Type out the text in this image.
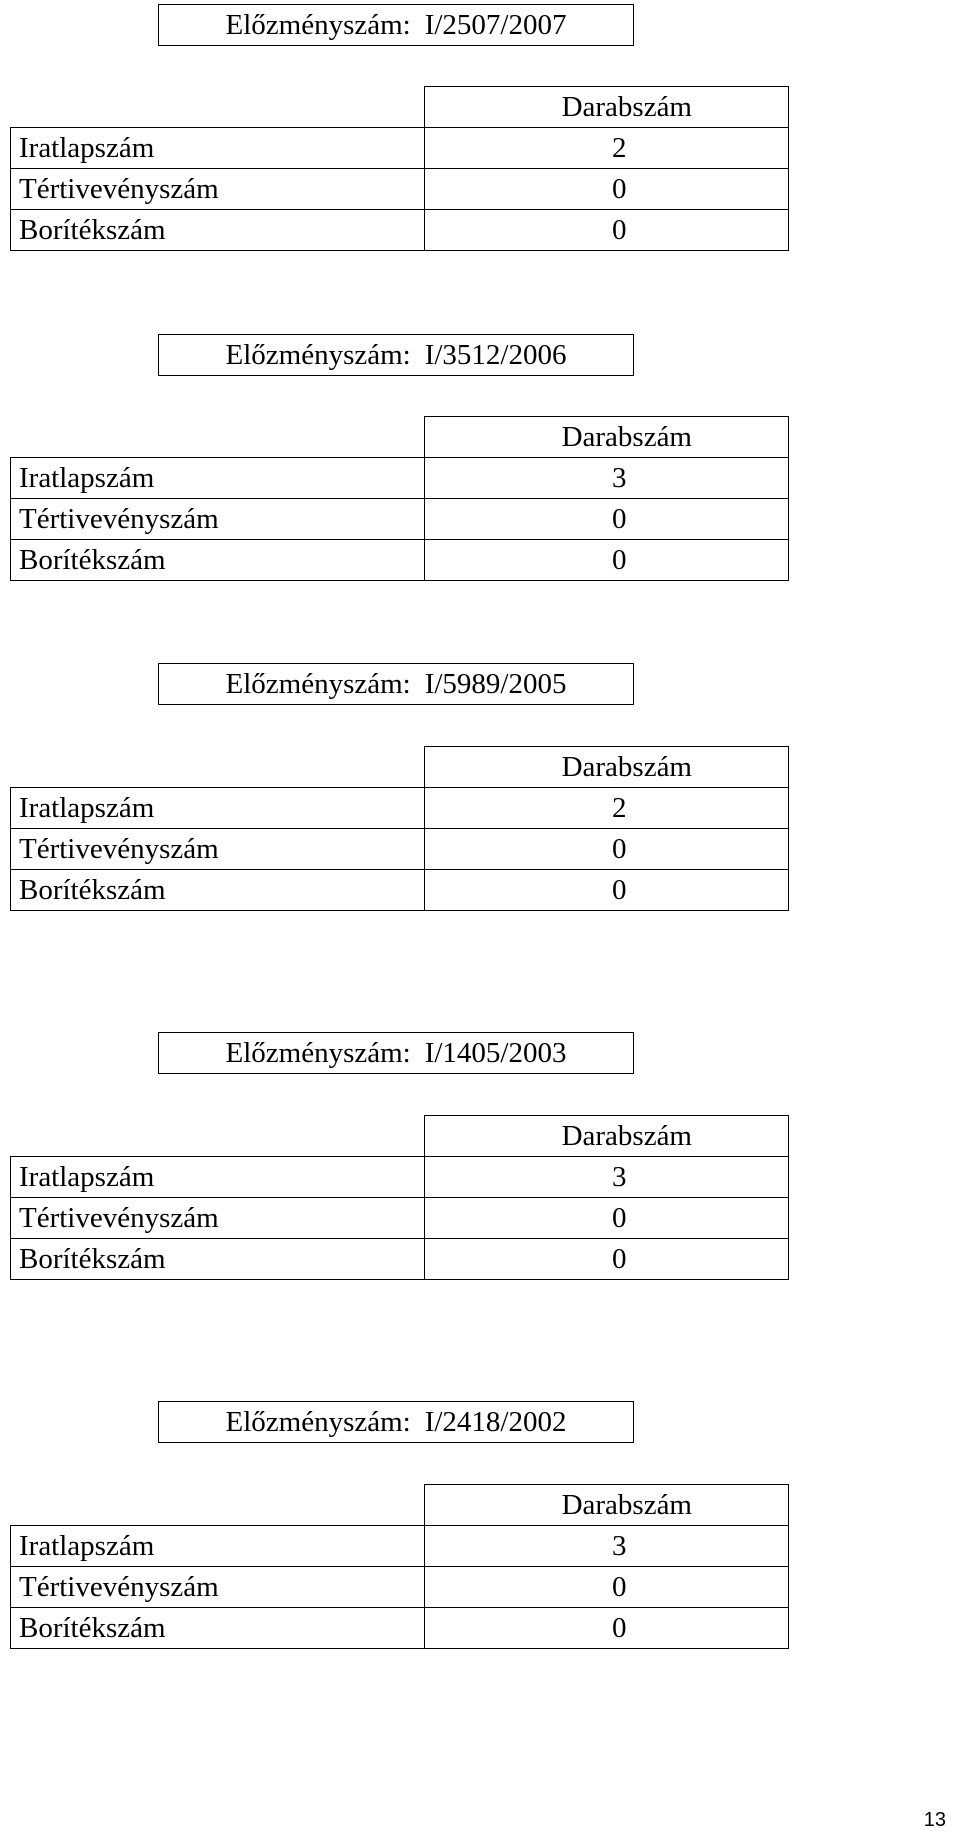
Előzményszám: I/2507/2007
	Darabszám
Iratlapszám	2
Tértivevényszám	0
Borítékszám	0
Előzményszám: I/3512/2006
	Darabszám
Iratlapszám	3
Tértivevényszám	0
Borítékszám	0
Előzményszám: I/5989/2005
	Darabszám
Iratlapszám	2
Tértivevényszám	0
Borítékszám	0
Előzményszám: I/1405/2003
	Darabszám
Iratlapszám	3
Tértivevényszám	0
Borítékszám	0
Előzményszám: I/2418/2002
	Darabszám
Iratlapszám	3
Tértivevényszám	0
Borítékszám	0
13
